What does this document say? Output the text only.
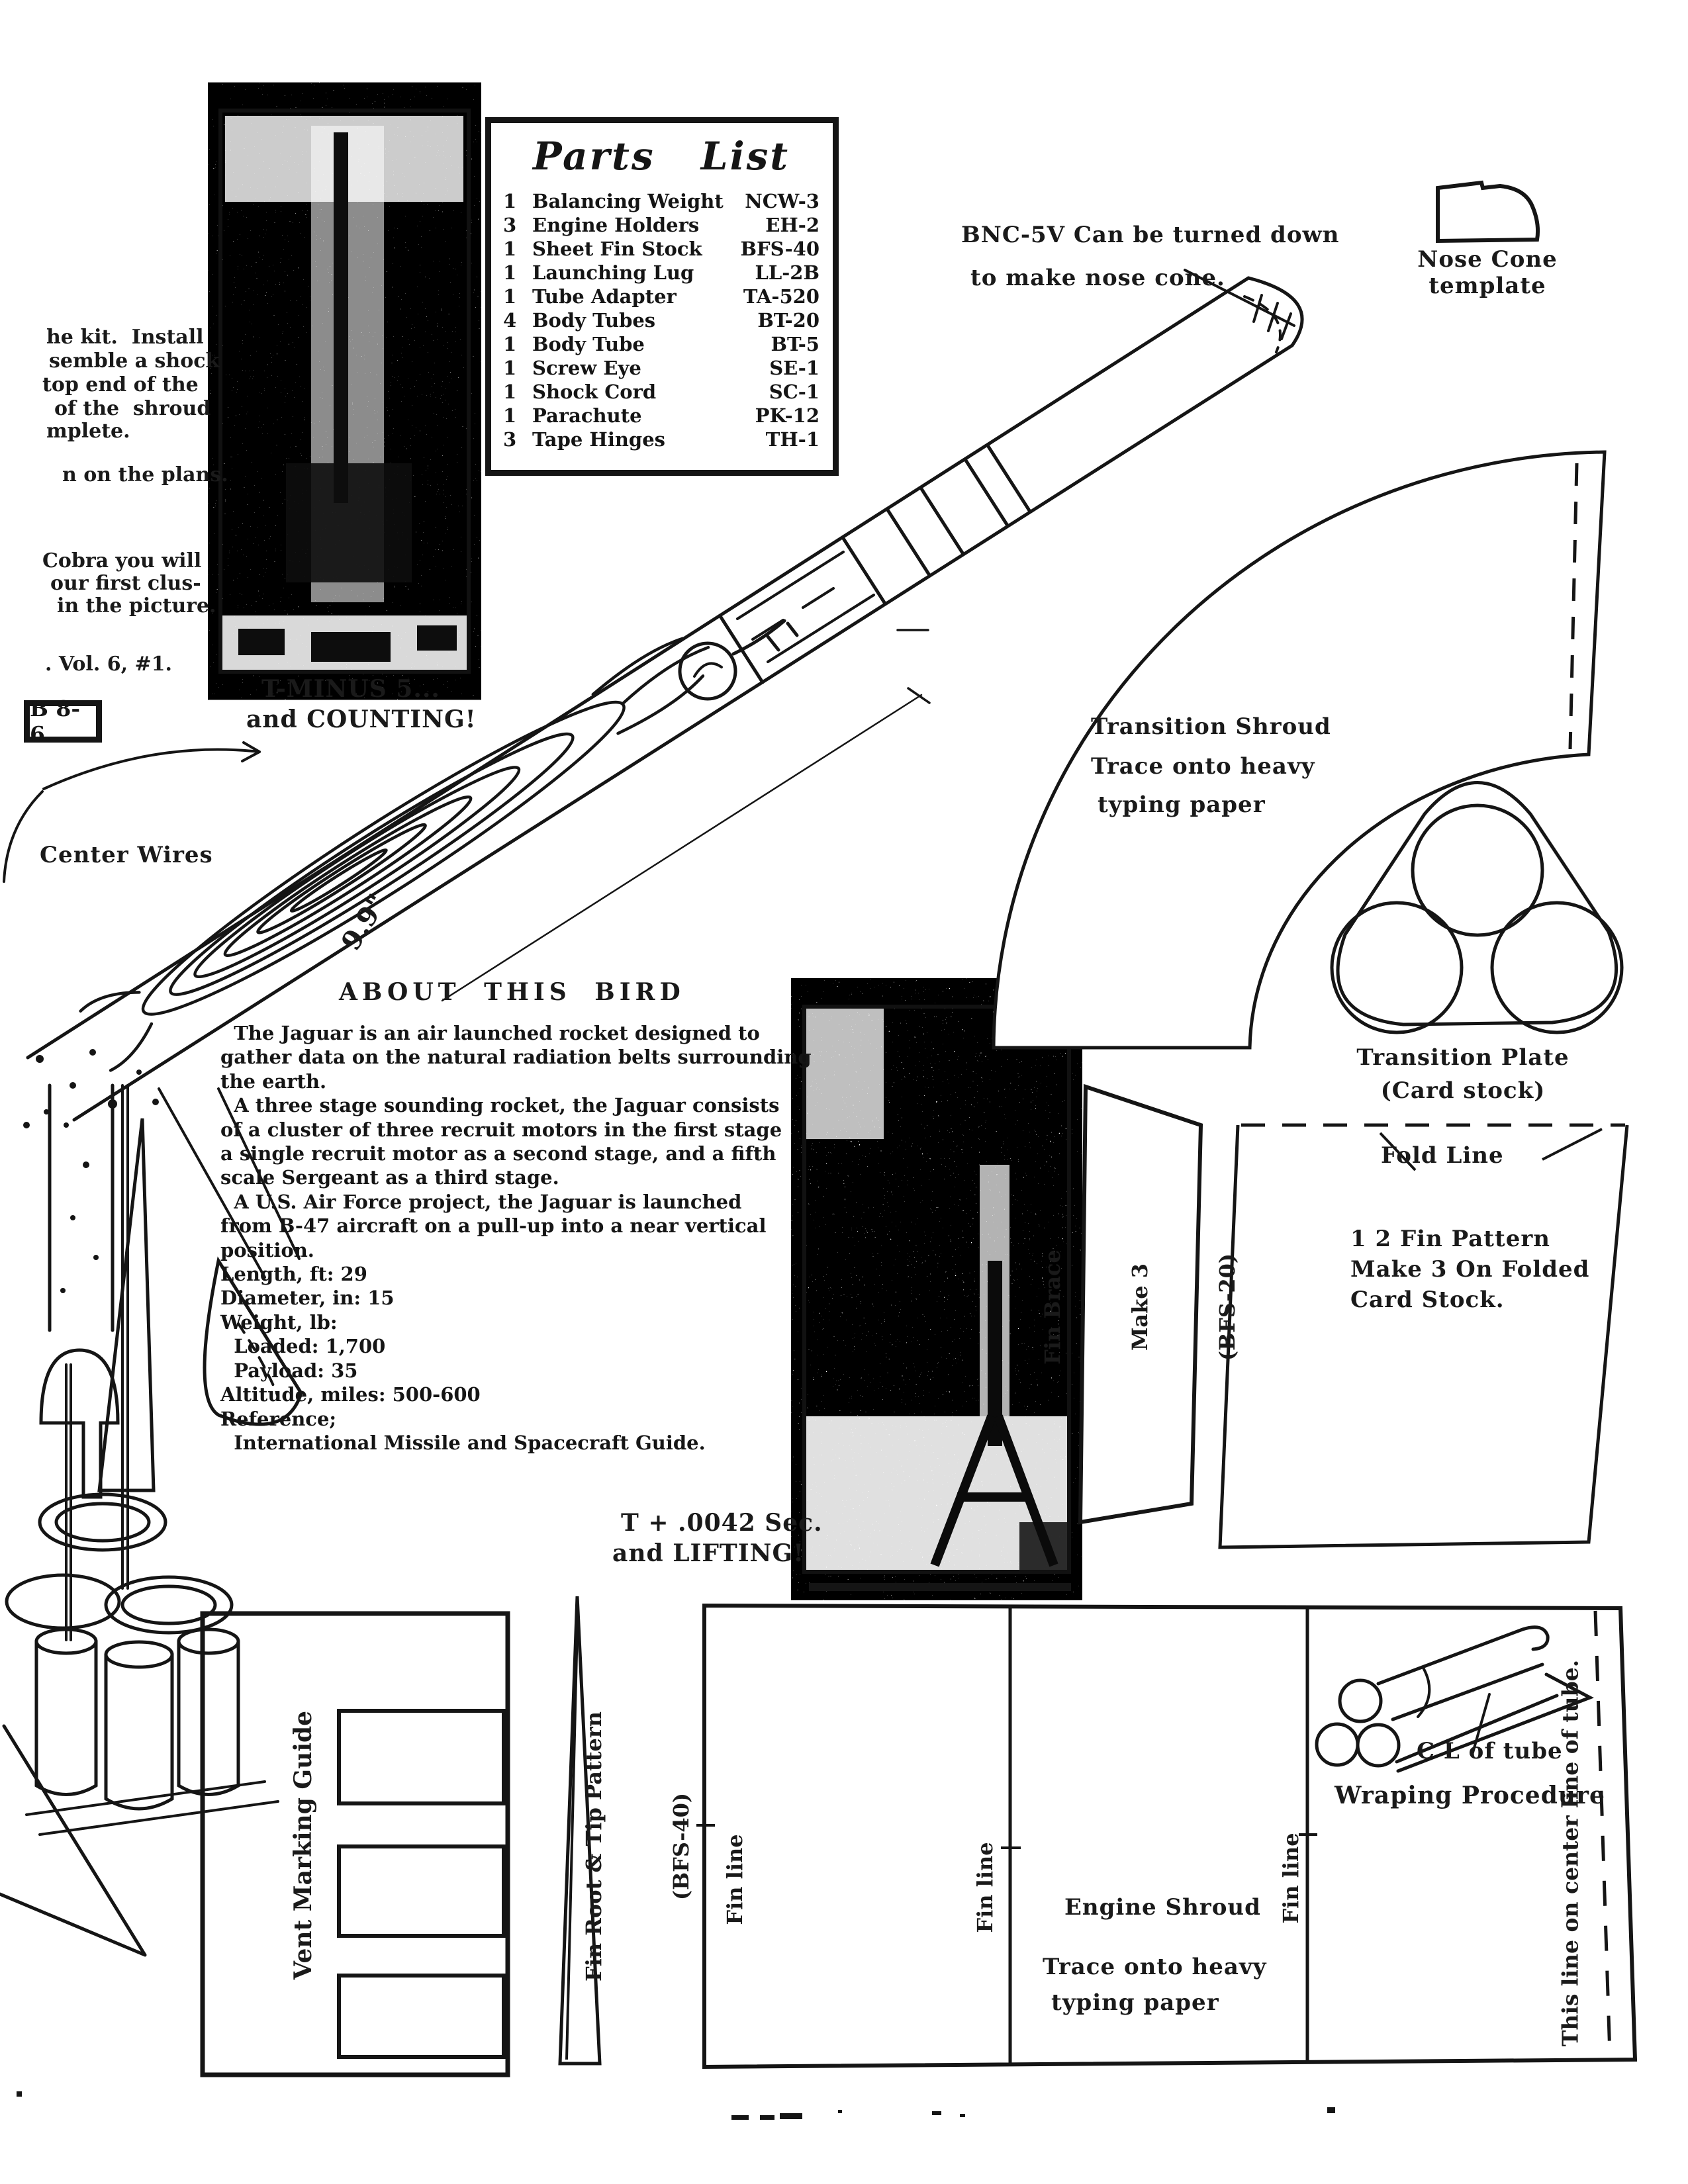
he kit.  Install
semble a shock
top end of the
of the  shroud
mplete.
n on the plans.
Cobra you will
our first clus-
in the picture.
. Vol. 6, #1.
B 8-6.
T-MINUS 5...
and COUNTING!
Parts List
1 Balancing Weight	NCW-3
3 Engine Holders	EH-2
1 Sheet Fin Stock	BFS-40
1 Launching Lug	LL-2B
1 Tube Adapter	TA-520
4 Body Tubes	BT-20
1 Body Tube	BT-5
1 Screw Eye	SE-1
1 Shock Cord	SC-1
1 Parachute	PK-12
3 Tape Hinges	TH-1
BNC-5V Can be turned down
to make nose cone.
Nose Cone
template
Center Wires
9.9"
ABOUT THIS BIRD
The Jaguar is an air launched rocket designed to
gather data on the natural radiation belts surrounding
the earth.
A three stage sounding rocket, the Jaguar consists
of a cluster of three recruit motors in the first stage
a single recruit motor as a second stage, and a fifth
scale Sergeant as a third stage.
A U.S. Air Force project, the Jaguar is launched
from B-47 aircraft on a pull-up into a near vertical
position.
Length, ft: 29
Diameter, in: 15
Weight, lb:
Loaded: 1,700
Payload: 35
Altitude, miles: 500-600
Reference;
International Missile and Spacecraft Guide.
T + .0042 Sec.
and LIFTING!
Transition Shroud
Trace onto heavy
typing paper
Transition Plate
(Card stock)

Fin Brace

	Make 3

	(BFS-20)

Fold Line
1 2 Fin Pattern
Make 3 On Folded
Card Stock.
Vent Marking Guide

	Fin Root & Tip Pattern

	(BFS-40)

Fin line	Fin line	Fin line
Engine Shroud
Trace onto heavy
typing paper
C L of tube
Wraping Procedure
This line on center line of tube.
